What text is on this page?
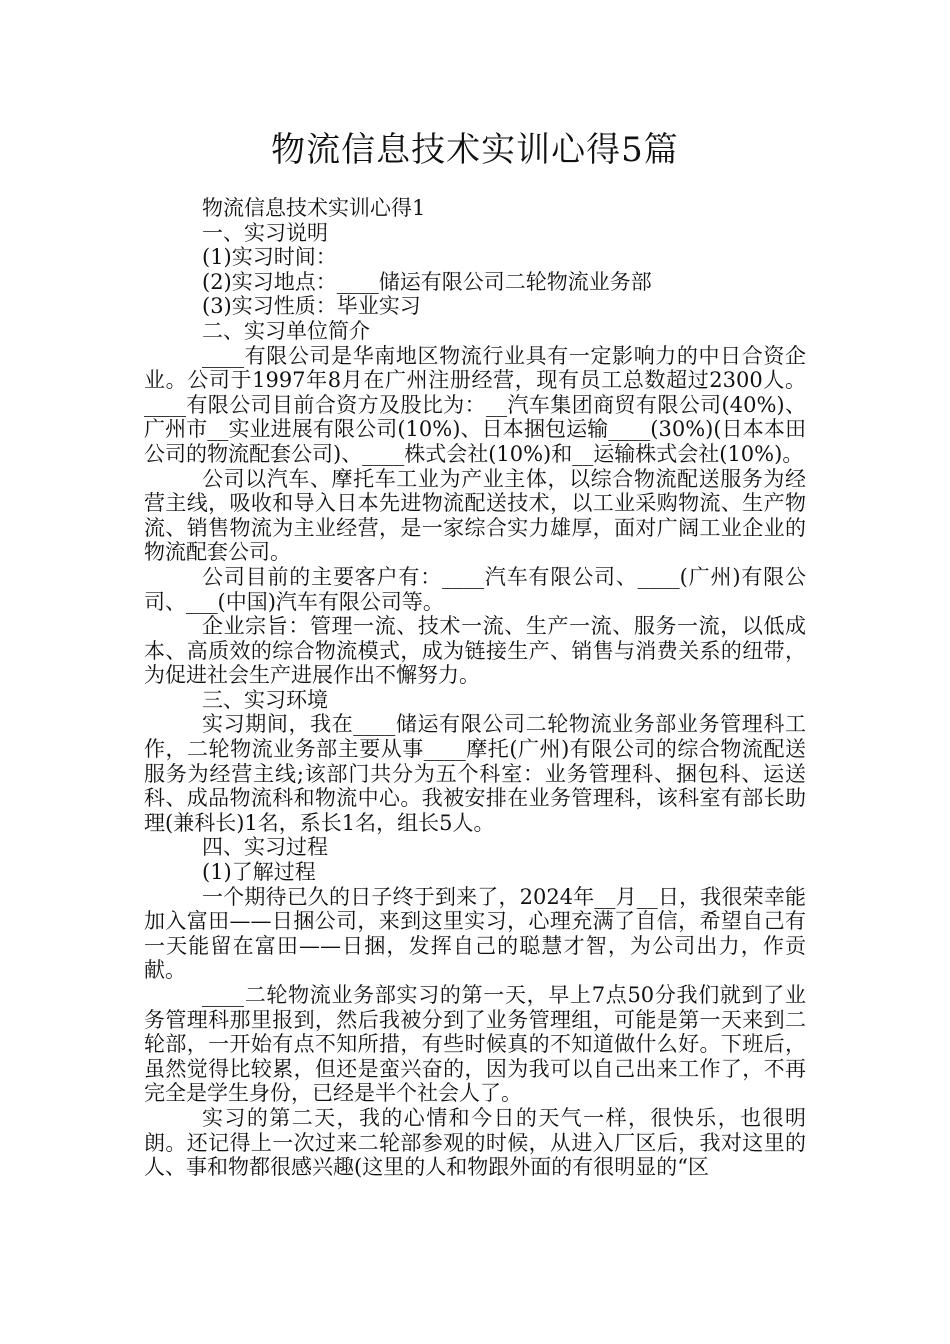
物流信息技术实训心得5篇

物流信息技术实训心得1

一、实习说明

(1)实习时间：

(2)实习地点：____储运有限公司二轮物流业务部

(3)实习性质：毕业实习

二、实习单位简介

____有限公司是华南地区物流行业具有一定影响力的中日合资企业。公司于1997年8月在广州注册经营，现有员工总数超过2300人。____有限公司目前合资方及股比为：__汽车集团商贸有限公司(40%)、广州市__实业进展有限公司(10%)、日本捆包运输____(30%)(日本本田公司的物流配套公司)、____株式会社(10%)和__运输株式会社(10%)。

公司以汽车、摩托车工业为产业主体，以综合物流配送服务为经营主线，吸收和导入日本先进物流配送技术，以工业采购物流、生产物流、销售物流为主业经营，是一家综合实力雄厚，面对广阔工业企业的物流配套公司。

公司目前的主要客户有：____汽车有限公司、____(广州)有限公司、___(中国)汽车有限公司等。

企业宗旨：管理一流、技术一流、生产一流、服务一流，以低成本、高质效的综合物流模式，成为链接生产、销售与消费关系的纽带，为促进社会生产进展作出不懈努力。

三、实习环境

实习期间，我在____储运有限公司二轮物流业务部业务管理科工作，二轮物流业务部主要从事____摩托(广州)有限公司的综合物流配送服务为经营主线;该部门共分为五个科室：业务管理科、捆包科、运送科、成品物流科和物流中心。我被安排在业务管理科，该科室有部长助理(兼科长)1名，系长1名，组长5人。

四、实习过程

(1)了解过程

一个期待已久的日子终于到来了，2024年__月__日，我很荣幸能加入富田——日捆公司，来到这里实习，心理充满了自信，希望自己有一天能留在富田——日捆，发挥自己的聪慧才智，为公司出力，作贡献。

____二轮物流业务部实习的第一天，早上7点50分我们就到了业务管理科那里报到，然后我被分到了业务管理组，可能是第一天来到二轮部，一开始有点不知所措，有些时候真的不知道做什么好。下班后，虽然觉得比较累，但还是蛮兴奋的，因为我可以自己出来工作了，不再完全是学生身份，已经是半个社会人了。

实习的第二天，我的心情和今日的天气一样，很快乐，也很明朗。还记得上一次过来二轮部参观的时候，从进入厂区后，我对这里的人、事和物都很感兴趣(这里的人和物跟外面的有很明显的“区
